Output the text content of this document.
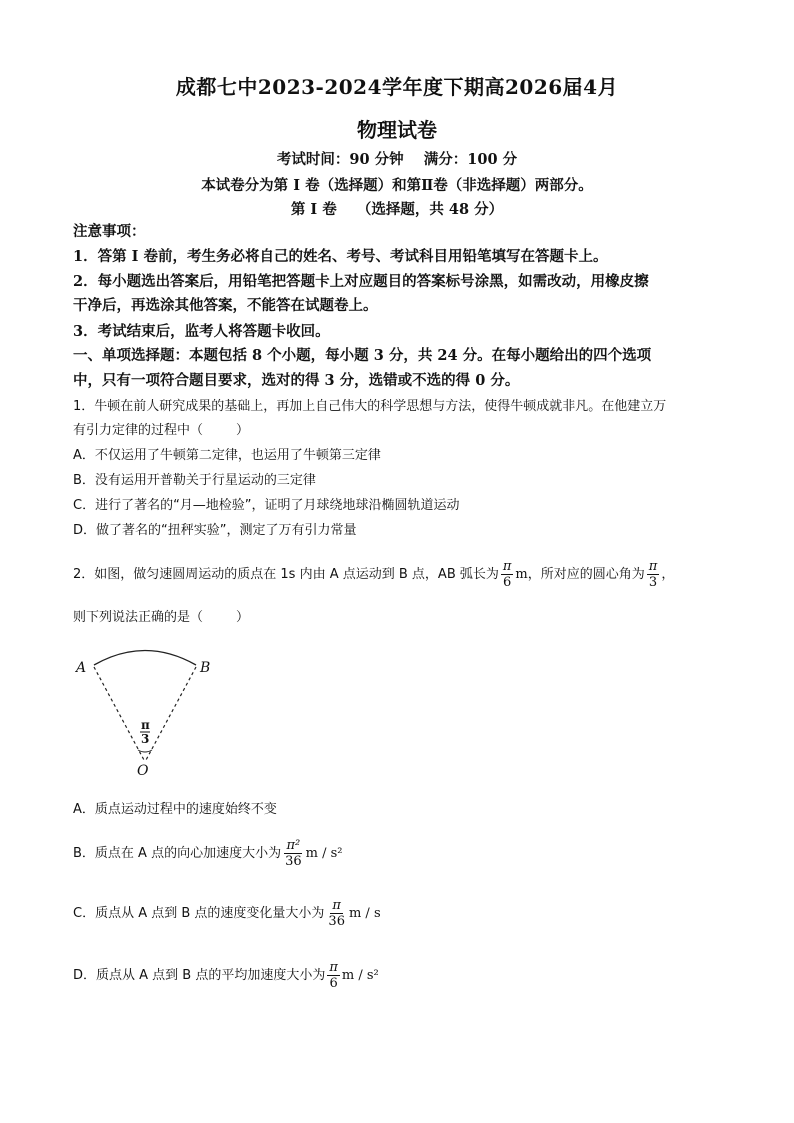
成都七中2023-2024学年度下期高2026届4月
物理试卷
考试时间：90 分钟    满分：100 分
本试卷分为第 I 卷（选择题）和第Ⅱ卷（非选择题）两部分。
第 I 卷    （选择题，共 48 分）
注意事项：
1．答第 I 卷前，考生务必将自己的姓名、考号、考试科目用铅笔填写在答题卡上。
2．每小题选出答案后，用铅笔把答题卡上对应题目的答案标号涂黑，如需改动，用橡皮擦
干净后，再选涂其他答案，不能答在试题卷上。
3．考试结束后，监考人将答题卡收回。
一、单项选择题：本题包括 8 个小题，每小题 3 分，共 24 分。在每小题给出的四个选项
中，只有一项符合题目要求，选对的得 3 分，选错或不选的得 0 分。
1．牛顿在前人研究成果的基础上，再加上自己伟大的科学思想与方法，使得牛顿成就非凡。在他建立万
有引力定律的过程中（        ）
A．不仅运用了牛顿第二定律，也运用了牛顿第三定律
B．没有运用开普勒关于行星运动的三定律
C．进行了著名的“月—地检验”，证明了月球绕地球沿椭圆轨道运动
D．做了著名的“扭秤实验”，测定了万有引力常量
2．如图，做匀速圆周运动的质点在 1s 内由 A 点运动到 B 点，AB 弧长为 $\frac{\pi}{6}$ m，所对应的圆心角为 $\frac{\pi}{3}$ ，
则下列说法正确的是（        ）
A	B
O
π
3
A．质点运动过程中的速度始终不变
B．质点在 A 点的向心加速度大小为 $\frac{\text{π²}}{36}$ m / s²
C．质点从 A 点到 B 点的速度变化量大小为 $\frac{\pi}{36}$ m / s
D．质点从 A 点到 B 点的平均加速度大小为 $\frac{\pi}{6}$ m / s²
